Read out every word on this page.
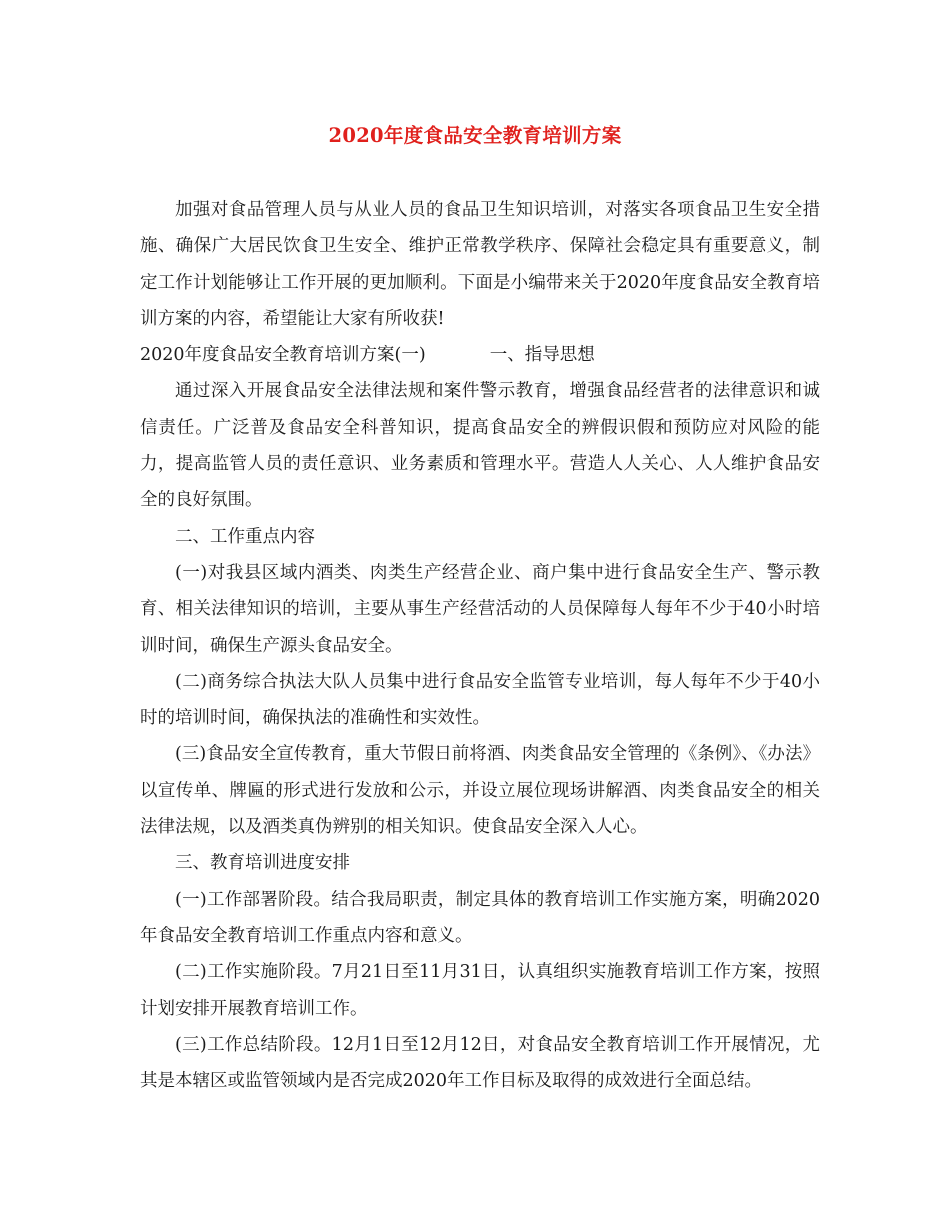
2020年度食品安全教育培训方案

加强对食品管理人员与从业人员的食品卫生知识培训，对落实各项食品卫生安全措施、确保广大居民饮食卫生安全、维护正常教学秩序、保障社会稳定具有重要意义，制定工作计划能够让工作开展的更加顺利。下面是小编带来关于2020年度食品安全教育培训方案的内容，希望能让大家有所收获!

2020年度食品安全教育培训方案(一)	一、指导思想

通过深入开展食品安全法律法规和案件警示教育，增强食品经营者的法律意识和诚信责任。广泛普及食品安全科普知识，提高食品安全的辨假识假和预防应对风险的能力，提高监管人员的责任意识、业务素质和管理水平。营造人人关心、人人维护食品安全的良好氛围。

二、工作重点内容

(一)对我县区域内酒类、肉类生产经营企业、商户集中进行食品安全生产、警示教育、相关法律知识的培训，主要从事生产经营活动的人员保障每人每年不少于40小时培训时间，确保生产源头食品安全。

(二)商务综合执法大队人员集中进行食品安全监管专业培训，每人每年不少于40小时的培训时间，确保执法的准确性和实效性。

(三)食品安全宣传教育，重大节假日前将酒、肉类食品安全管理的《条例》、《办法》以宣传单、牌匾的形式进行发放和公示，并设立展位现场讲解酒、肉类食品安全的相关法律法规，以及酒类真伪辨别的相关知识。使食品安全深入人心。

三、教育培训进度安排

(一)工作部署阶段。结合我局职责，制定具体的教育培训工作实施方案，明确2020年食品安全教育培训工作重点内容和意义。

(二)工作实施阶段。7月21日至11月31日，认真组织实施教育培训工作方案，按照计划安排开展教育培训工作。

(三)工作总结阶段。12月1日至12月12日，对食品安全教育培训工作开展情况，尤其是本辖区或监管领域内是否完成2020年工作目标及取得的成效进行全面总结。
